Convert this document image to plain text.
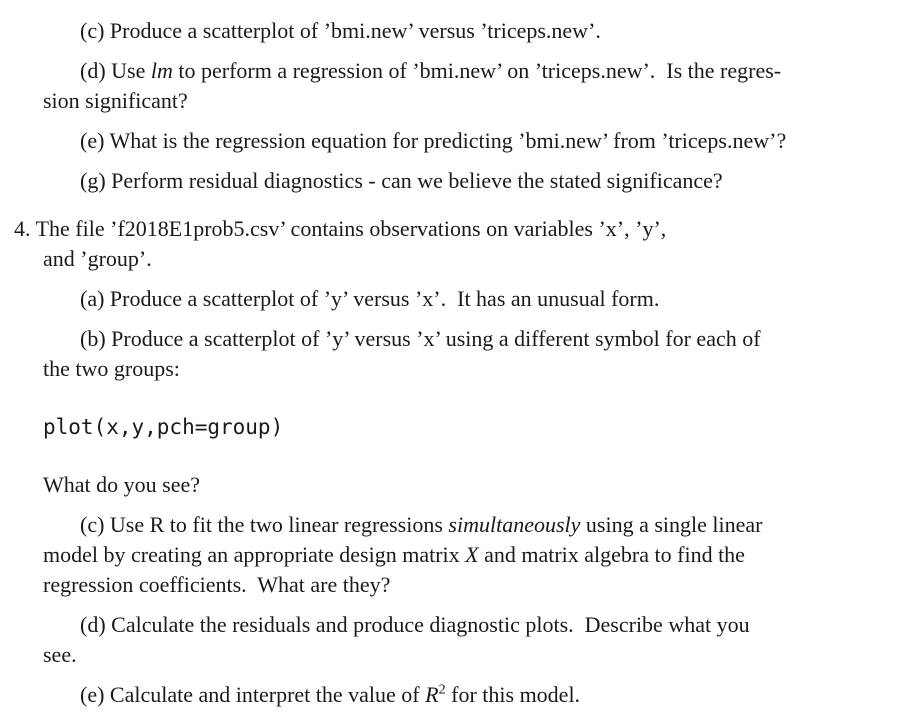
(c) Produce a scatterplot of ’bmi.new’ versus ’triceps.new’.
(d) Use lm to perform a regression of ’bmi.new’ on ’triceps.new’.  Is the regres-
sion significant?
(e) What is the regression equation for predicting ’bmi.new’ from ’triceps.new’?
(g) Perform residual diagnostics - can we believe the stated significance?
4. The file ’f2018E1prob5.csv’ contains observations on variables ’x’, ’y’,
and ’group’.
(a) Produce a scatterplot of ’y’ versus ’x’.  It has an unusual form.
(b) Produce a scatterplot of ’y’ versus ’x’ using a different symbol for each of
the two groups:
plot(x,y,pch=group)
What do you see?
(c) Use R to fit the two linear regressions simultaneously using a single linear
model by creating an appropriate design matrix X and matrix algebra to find the
regression coefficients.  What are they?
(d) Calculate the residuals and produce diagnostic plots.  Describe what you
see.
(e) Calculate and interpret the value of $R^2$ for this model.
